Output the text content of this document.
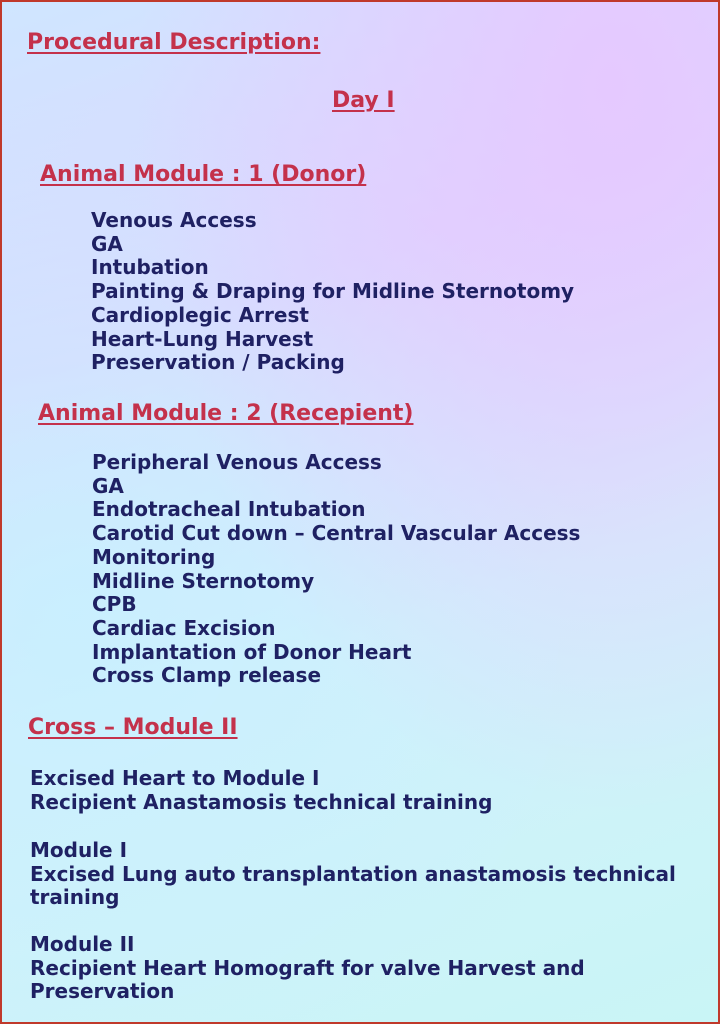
Procedural Description:
Day I
Animal Module : 1 (Donor)
Venous Access
GA
Intubation
Painting & Draping for Midline Sternotomy
Cardioplegic Arrest
Heart-Lung Harvest
Preservation / Packing
Animal Module : 2 (Recepient)
Peripheral Venous Access
GA
Endotracheal Intubation
Carotid Cut down – Central Vascular Access
Monitoring
Midline Sternotomy
CPB
Cardiac Excision
Implantation of Donor Heart
Cross Clamp release
Cross – Module II
Excised Heart to Module I
Recipient Anastamosis technical training
Module I
Excised Lung auto transplantation anastamosis technical
training
Module II
Recipient Heart Homograft for valve Harvest and
Preservation
